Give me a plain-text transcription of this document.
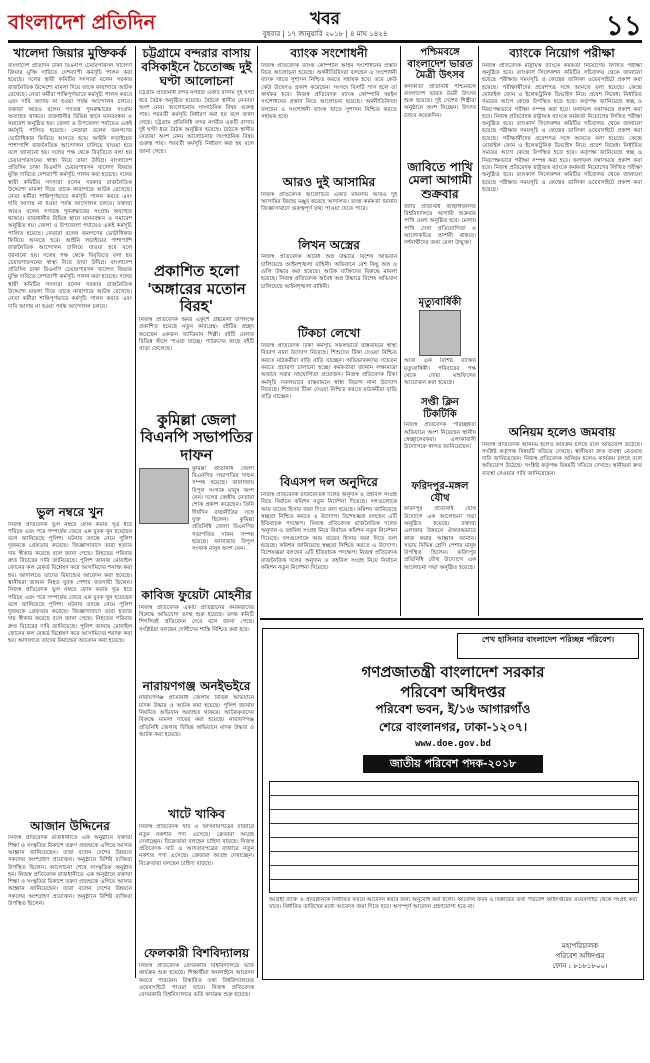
বাংলাদেশ প্রতিদিন	খবর
বুধবার | ১৭ জানুয়ারি ২০১৮ | ৪ মাঘ ১৪২৪	১১
খালেদা জিয়ার মুক্তিকর্ক
বাংলাদেশ প্রতিদিন ঢাকা বিএনপি চেয়ারপারসন খালেদা জিয়ার মুক্তি দাবিতে দেশব্যাপী কর্মসূচি পালন করা হয়েছে। দলের স্থায়ী কমিটির সদস্যরা বলেন সরকার রাজনৈতিক উদ্দেশ্যে মামলা দিয়ে তাকে কারাগারে আটক রেখেছে। নেতা কর্মীরা শান্তিপূর্ণভাবে কর্মসূচি পালন করবে এবং দাবি আদায় না হওয়া পর্যন্ত আন্দোলন চলবে। বক্তারা আরও বলেন গণতন্ত্র পুনরুদ্ধারের সংগ্রাম অব্যাহত থাকবে। রাজধানীর বিভিন্ন স্থানে মানববন্ধন ও সমাবেশ অনুষ্ঠিত হয়। জেলা ও উপজেলা পর্যায়েও একই কর্মসূচি পালিত হয়েছে। নেতারা বলেন জনগণের ভোটাধিকার ফিরিয়ে আনতে হবে। আইনি লড়াইয়ের পাশাপাশি রাজনৈতিক আন্দোলন চালিয়ে যাওয়া হবে বলে জানানো হয়। দলের পক্ষ থেকে বিবৃতিতে বলা হয় চেয়ারপারসনের স্বাস্থ্য নিয়ে তারা উদ্বিগ্ন। বাংলাদেশ প্রতিদিন ঢাকা বিএনপি চেয়ারপারসন খালেদা জিয়ার মুক্তি দাবিতে দেশব্যাপী কর্মসূচি পালন করা হয়েছে। দলের স্থায়ী কমিটির সদস্যরা বলেন সরকার রাজনৈতিক উদ্দেশ্যে মামলা দিয়ে তাকে কারাগারে আটক রেখেছে। নেতা কর্মীরা শান্তিপূর্ণভাবে কর্মসূচি পালন করবে এবং দাবি আদায় না হওয়া পর্যন্ত আন্দোলন চলবে। বক্তারা আরও বলেন গণতন্ত্র পুনরুদ্ধারের সংগ্রাম অব্যাহত থাকবে। রাজধানীর বিভিন্ন স্থানে মানববন্ধন ও সমাবেশ অনুষ্ঠিত হয়। জেলা ও উপজেলা পর্যায়েও একই কর্মসূচি পালিত হয়েছে। নেতারা বলেন জনগণের ভোটাধিকার ফিরিয়ে আনতে হবে। আইনি লড়াইয়ের পাশাপাশি রাজনৈতিক আন্দোলন চালিয়ে যাওয়া হবে বলে জানানো হয়। দলের পক্ষ থেকে বিবৃতিতে বলা হয় চেয়ারপারসনের স্বাস্থ্য নিয়ে তারা উদ্বিগ্ন। বাংলাদেশ প্রতিদিন ঢাকা বিএনপি চেয়ারপারসন খালেদা জিয়ার মুক্তি দাবিতে দেশব্যাপী কর্মসূচি পালন করা হয়েছে। দলের স্থায়ী কমিটির সদস্যরা বলেন সরকার রাজনৈতিক উদ্দেশ্যে মামলা দিয়ে তাকে কারাগারে আটক রেখেছে। নেতা কর্মীরা শান্তিপূর্ণভাবে কর্মসূচি পালন করবে এবং দাবি আদায় না হওয়া পর্যন্ত আন্দোলন চলবে।
ভুল নম্বরে খুন
নিজস্ব প্রতিবেদক ভুল নম্বরে ফোন করার সূত্র ধরে পরিচয় এবং পরে সম্পর্কের জেরে এক যুবক খুন হয়েছেন বলে জানিয়েছে পুলিশ। ঘটনার তদন্তে নেমে পুলিশ দুজনকে গ্রেফতার করেছে। জিজ্ঞাসাবাদে তারা হত্যার দায় স্বীকার করেছে বলে জানা গেছে। নিহতের পরিবার দ্রুত বিচারের দাবি জানিয়েছে। পুলিশ জানায় মোবাইল ফোনের কল রেকর্ড বিশ্লেষণ করে আসামিদের শনাক্ত করা হয়। আদালতে তাদের রিমান্ডের আবেদন করা হয়েছে। স্থানীয়রা জানান নিহত যুবক পেশায় ব্যবসায়ী ছিলেন। নিজস্ব প্রতিবেদক ভুল নম্বরে ফোন করার সূত্র ধরে পরিচয় এবং পরে সম্পর্কের জেরে এক যুবক খুন হয়েছেন বলে জানিয়েছে পুলিশ। ঘটনার তদন্তে নেমে পুলিশ দুজনকে গ্রেফতার করেছে। জিজ্ঞাসাবাদে তারা হত্যার দায় স্বীকার করেছে বলে জানা গেছে। নিহতের পরিবার দ্রুত বিচারের দাবি জানিয়েছে। পুলিশ জানায় মোবাইল ফোনের কল রেকর্ড বিশ্লেষণ করে আসামিদের শনাক্ত করা হয়। আদালতে তাদের রিমান্ডের আবেদন করা হয়েছে।
আজান উদ্দিনের
নিজস্ব প্রতিবেদক রাজধানীতে এক অনুষ্ঠানে বক্তারা শিক্ষা ও সংস্কৃতির বিকাশে তরুণ প্রজন্মকে এগিয়ে আসার আহ্বান জানিয়েছেন। তারা বলেন দেশের উন্নয়নে সকলের অংশগ্রহণ প্রয়োজন। অনুষ্ঠানে বিশিষ্ট ব্যক্তিরা উপস্থিত ছিলেন। আলোচনা শেষে সাংস্কৃতিক অনুষ্ঠান হয়। নিজস্ব প্রতিবেদক রাজধানীতে এক অনুষ্ঠানে বক্তারা শিক্ষা ও সংস্কৃতির বিকাশে তরুণ প্রজন্মকে এগিয়ে আসার আহ্বান জানিয়েছেন। তারা বলেন দেশের উন্নয়নে সকলের অংশগ্রহণ প্রয়োজন। অনুষ্ঠানে বিশিষ্ট ব্যক্তিরা উপস্থিত ছিলেন।
চট্টগ্রামে বন্দরার বাসায় বসিকাইনে চৈতোজ্জ দুই ঘণ্টা আলোচনা
চট্টগ্রাম প্রতিনিধি বন্দর নগরীর একটি বাসায় দুই ঘণ্টা ধরে বৈঠক অনুষ্ঠিত হয়েছে। বৈঠকে স্থানীয় নেতারা অংশ নেন। আলোচনায় সাংগঠনিক বিষয় গুরুত্ব পায়। পরবর্তী কর্মসূচি নির্ধারণ করা হয় বলে জানা গেছে। চট্টগ্রাম প্রতিনিধি বন্দর নগরীর একটি বাসায় দুই ঘণ্টা ধরে বৈঠক অনুষ্ঠিত হয়েছে। বৈঠকে স্থানীয় নেতারা অংশ নেন। আলোচনায় সাংগঠনিক বিষয় গুরুত্ব পায়। পরবর্তী কর্মসূচি নির্ধারণ করা হয় বলে জানা গেছে।
প্রকাশিত হলো 'অঙ্গারের মতোন বিরহ'
নিজস্ব প্রতিবেদক অমর একুশে গ্রন্থমেলা উপলক্ষে প্রকাশিত হয়েছে নতুন কাব্যগ্রন্থ। বইটির প্রচ্ছদ করেছেন একজন খ্যাতিমান শিল্পী। বইটি মেলার বিভিন্ন স্টলে পাওয়া যাচ্ছে। পাঠকদের কাছে বইটি সাড়া ফেলেছে।
কুমিল্লা জেলা বিএনপি সভাপতির দাফন
কুমিল্লা প্রতিনিধি জেলা বিএনপির সভাপতির দাফন সম্পন্ন হয়েছে। জানাজায় বিপুল সংখ্যক মানুষ অংশ নেন। দলের কেন্দ্রীয় নেতারা শোক প্রকাশ করেছেন। তিনি দীর্ঘদিন রাজনীতির সঙ্গে যুক্ত ছিলেন। কুমিল্লা প্রতিনিধি জেলা বিএনপির সভাপতির দাফন সম্পন্ন হয়েছে। জানাজায় বিপুল সংখ্যক মানুষ অংশ নেন।
কাবিজ ফুয়েটা মোহনীর
নিজস্ব প্রতিবেদক একটি প্রতিষ্ঠানের কর্মকর্তাদের বিরুদ্ধে অভিযোগ তদন্ত শুরু হয়েছে। তদন্ত কমিটি শিগগিরই প্রতিবেদন দেবে বলে জানা গেছে। সংশ্লিষ্টরা বলছেন দোষীদের শাস্তি নিশ্চিত করা হবে।
নারায়ণগঞ্জ অনইভইরে
নারায়ণগঞ্জ প্রতিনিধি জেলায় বিভিন্ন অভিযানে মাদক উদ্ধার ও আটক করা হয়েছে। পুলিশ জানায় নিয়মিত অভিযান অব্যাহত থাকবে। আটককৃতদের বিরুদ্ধে মামলা দায়ের করা হয়েছে। নারায়ণগঞ্জ প্রতিনিধি জেলায় বিভিন্ন অভিযানে মাদক উদ্ধার ও আটক করা হয়েছে।
খাটে খাকিব
নিজস্ব প্রতিবেদক খাট ও আসবাবপত্রের বাজারে নতুন নকশার পণ্য এসেছে। ক্রেতারা আগ্রহ দেখাচ্ছেন। বিক্রেতারা বলছেন চাহিদা বাড়ছে। নিজস্ব প্রতিবেদক খাট ও আসবাবপত্রের বাজারে নতুন নকশার পণ্য এসেছে। ক্রেতারা আগ্রহ দেখাচ্ছেন। বিক্রেতারা বলছেন চাহিদা বাড়ছে।
ফেলকারী বিশবিদ্যালয়
নিজস্ব প্রতিবেদক বেসরকারি বিশ্ববিদ্যালয়ে ভর্তি কার্যক্রম শুরু হয়েছে। শিক্ষার্থীরা অনলাইনে আবেদন করতে পারবেন। বিস্তারিত তথ্য বিশ্ববিদ্যালয়ের ওয়েবসাইটে পাওয়া যাবে। নিজস্ব প্রতিবেদক বেসরকারি বিশ্ববিদ্যালয়ে ভর্তি কার্যক্রম শুরু হয়েছে।
ব্যাংক সংশোধনী
নিজস্ব প্রতিবেদক ব্যাংক কোম্পানি আইন সংশোধনের প্রস্তাব নিয়ে আলোচনা হয়েছে। অর্থনীতিবিদরা বলছেন এ সংশোধনী ব্যাংক খাতে সুশাসন নিশ্চিত করতে সহায়ক হবে। তবে কেউ কেউ উদ্বেগও প্রকাশ করেছেন। সংসদে বিলটি পাস হলে তা কার্যকর হবে। নিজস্ব প্রতিবেদক ব্যাংক কোম্পানি আইন সংশোধনের প্রস্তাব নিয়ে আলোচনা হয়েছে। অর্থনীতিবিদরা বলছেন এ সংশোধনী ব্যাংক খাতে সুশাসন নিশ্চিত করতে সহায়ক হবে।
আরও দুই আসামির
নিজস্ব প্রতিবেদক আলোচিত একটি মামলায় আরও দুই আসামির রিমান্ড মঞ্জুর করেছে আদালত। তদন্ত কর্মকর্তা জানান জিজ্ঞাসাবাদে গুরুত্বপূর্ণ তথ্য পাওয়া যেতে পারে।
লিখন অস্ত্রের
নিজস্ব প্রতিবেদক অবৈধ অস্ত্র উদ্ধারে বিশেষ অভিযান চালিয়েছে আইনশৃঙ্খলা বাহিনী। অভিযানে বেশ কিছু অস্ত্র ও গুলি উদ্ধার করা হয়েছে। আটক ব্যক্তিদের বিরুদ্ধে মামলা হয়েছে। নিজস্ব প্রতিবেদক অবৈধ অস্ত্র উদ্ধারে বিশেষ অভিযান চালিয়েছে আইনশৃঙ্খলা বাহিনী।
টিকচা লেখো
নিজস্ব প্রতিবেদক টিকা কর্মসূচি সফলভাবে বাস্তবায়নে স্বাস্থ্য বিভাগ নানা উদ্যোগ নিয়েছে। শিশুদের টিকা দেওয়া নিশ্চিত করতে মাঠকর্মীরা বাড়ি বাড়ি যাচ্ছেন। অভিভাবকদের সচেতন করতে প্রচারণা চালানো হচ্ছে। কর্মকর্তারা জানান লক্ষ্যমাত্রা অর্জনে সবার সহযোগিতা প্রয়োজন। নিজস্ব প্রতিবেদক টিকা কর্মসূচি সফলভাবে বাস্তবায়নে স্বাস্থ্য বিভাগ নানা উদ্যোগ নিয়েছে। শিশুদের টিকা দেওয়া নিশ্চিত করতে মাঠকর্মীরা বাড়ি বাড়ি যাচ্ছেন।
বিএসপ দল অনুদিরে
নিজস্ব প্রতিবেদক রাজনৈতিক দলের অনুদান ও তহবিল সংগ্রহ নিয়ে নির্বাচন কমিশন নতুন নির্দেশনা দিয়েছে। দলগুলোকে আয় ব্যয়ের হিসাব জমা দিতে বলা হয়েছে। কমিশন জানিয়েছে স্বচ্ছতা নিশ্চিত করতে এ উদ্যোগ। বিশেষজ্ঞরা বলছেন এটি ইতিবাচক পদক্ষেপ। নিজস্ব প্রতিবেদক রাজনৈতিক দলের অনুদান ও তহবিল সংগ্রহ নিয়ে নির্বাচন কমিশন নতুন নির্দেশনা দিয়েছে। দলগুলোকে আয় ব্যয়ের হিসাব জমা দিতে বলা হয়েছে। কমিশন জানিয়েছে স্বচ্ছতা নিশ্চিত করতে এ উদ্যোগ। বিশেষজ্ঞরা বলছেন এটি ইতিবাচক পদক্ষেপ। নিজস্ব প্রতিবেদক রাজনৈতিক দলের অনুদান ও তহবিল সংগ্রহ নিয়ে নির্বাচন কমিশন নতুন নির্দেশনা দিয়েছে।
পশ্চিমবঙ্গে বাংলাদেশ ভারত মৈত্রী উৎসব
কলকাতা প্রতিনিধি পশ্চিমবঙ্গে বাংলাদেশ ভারত মৈত্রী উৎসব শুরু হয়েছে। দুই দেশের শিল্পীরা অনুষ্ঠানে অংশ নিচ্ছেন। উৎসব চলবে কয়েকদিন।
জাবিতে পাখি মেলা আগামী শুক্রবার
জাবি প্রতিনিধি জাহাঙ্গীরনগর বিশ্ববিদ্যালয়ে আগামী শুক্রবার পাখি মেলা অনুষ্ঠিত হবে। মেলায় পাখি দেখা প্রতিযোগিতা ও আলোকচিত্র প্রদর্শনী থাকবে। দর্শনার্থীদের জন্য মেলা উন্মুক্ত।
মৃত্যুবার্ষিকী
আজ এক বিশিষ্ট ব্যক্তির মৃত্যুবার্ষিকী। পরিবারের পক্ষ থেকে দোয়া মাহফিলের আয়োজন করা হয়েছে।
সপ্তী ক্লিন টিকটিকি
নিজস্ব প্রতিবেদক পরিচ্ছন্নতা অভিযানে অংশ নিয়েছেন স্থানীয় স্বেচ্ছাসেবকরা। এলাকাবাসী উদ্যোগকে স্বাগত জানিয়েছেন।
ফরিদপুর-মঙ্গল যৌথ
ফরিদপুর প্রতিনিধি যৌথ উদ্যোগে এক আলোচনা সভা অনুষ্ঠিত হয়েছে। বক্তারা এলাকার উন্নয়নে ঐক্যবদ্ধভাবে কাজ করার আহ্বান জানান। সভায় বিভিন্ন শ্রেণি পেশার মানুষ উপস্থিত ছিলেন। ফরিদপুর প্রতিনিধি যৌথ উদ্যোগে এক আলোচনা সভা অনুষ্ঠিত হয়েছে।
ব্যাংকে নিয়োগ পরীক্ষা
নিজস্ব প্রতিবেদক রাষ্ট্রায়ত্ত ব্যাংকে কর্মকর্তা নিয়োগের লিখিত পরীক্ষা অনুষ্ঠিত হবে। ব্যাংকার্স সিলেকশন কমিটির সচিবালয় থেকে জানানো হয়েছে পরীক্ষার সময়সূচি ও কেন্দ্রের তালিকা ওয়েবসাইটে প্রকাশ করা হয়েছে। পরীক্ষার্থীদের প্রবেশপত্র সঙ্গে আনতে বলা হয়েছে। কেন্দ্রে মোবাইল ফোন ও ইলেকট্রনিক ডিভাইস নিয়ে প্রবেশ নিষেধ। নির্ধারিত সময়ের আগে কেন্দ্রে উপস্থিত হতে হবে। কর্তৃপক্ষ জানিয়েছে স্বচ্ছ ও নিরপেক্ষভাবে পরীক্ষা সম্পন্ন করা হবে। ফলাফল যথাসময়ে প্রকাশ করা হবে। নিজস্ব প্রতিবেদক রাষ্ট্রায়ত্ত ব্যাংকে কর্মকর্তা নিয়োগের লিখিত পরীক্ষা অনুষ্ঠিত হবে। ব্যাংকার্স সিলেকশন কমিটির সচিবালয় থেকে জানানো হয়েছে পরীক্ষার সময়সূচি ও কেন্দ্রের তালিকা ওয়েবসাইটে প্রকাশ করা হয়েছে। পরীক্ষার্থীদের প্রবেশপত্র সঙ্গে আনতে বলা হয়েছে। কেন্দ্রে মোবাইল ফোন ও ইলেকট্রনিক ডিভাইস নিয়ে প্রবেশ নিষেধ। নির্ধারিত সময়ের আগে কেন্দ্রে উপস্থিত হতে হবে। কর্তৃপক্ষ জানিয়েছে স্বচ্ছ ও নিরপেক্ষভাবে পরীক্ষা সম্পন্ন করা হবে। ফলাফল যথাসময়ে প্রকাশ করা হবে। নিজস্ব প্রতিবেদক রাষ্ট্রায়ত্ত ব্যাংকে কর্মকর্তা নিয়োগের লিখিত পরীক্ষা অনুষ্ঠিত হবে। ব্যাংকার্স সিলেকশন কমিটির সচিবালয় থেকে জানানো হয়েছে পরীক্ষার সময়সূচি ও কেন্দ্রের তালিকা ওয়েবসাইটে প্রকাশ করা হয়েছে।
অনিয়ম হলেও জমবায়
নিজস্ব প্রতিবেদক অনিয়ম হলেও কার্যক্রম চলছে বলে অভিযোগ উঠেছে। সংশ্লিষ্ট কর্তৃপক্ষ বিষয়টি খতিয়ে দেখছে। স্থানীয়রা দ্রুত ব্যবস্থা নেওয়ার দাবি জানিয়েছেন। নিজস্ব প্রতিবেদক অনিয়ম হলেও কার্যক্রম চলছে বলে অভিযোগ উঠেছে। সংশ্লিষ্ট কর্তৃপক্ষ বিষয়টি খতিয়ে দেখছে। স্থানীয়রা দ্রুত ব্যবস্থা নেওয়ার দাবি জানিয়েছেন।
শেখ হাসিনার বাংলাদেশ পরিচ্ছন্ন পরিবেশ।
গণপ্রজাতন্ত্রী বাংলাদেশ সরকার
পরিবেশ অধিদপ্তর
পরিবেশ ভবন, ই/১৬ আগারগাঁও
শেরে বাংলানগর, ঢাকা-১২০৭।
www.doe.gov.bd
জাতীয় পরিবেশ পদক-২০১৮
আগ্রহী ব্যক্তি ও প্রতিষ্ঠানকে নির্ধারিত ফরমে আবেদন করার জন্য অনুরোধ করা হলো। আবেদন ফরম ও বিস্তারিত তথ্য পরিবেশ অধিদপ্তরের ওয়েবসাইট থেকে সংগ্রহ করা যাবে। নির্ধারিত তারিখের মধ্যে আবেদন জমা দিতে হবে। অসম্পূর্ণ আবেদন গ্রহণযোগ্য হবে না।
মহাপরিচালক
পরিবেশ অধিদপ্তর
ফোন : ৮১৮১৮০০।
